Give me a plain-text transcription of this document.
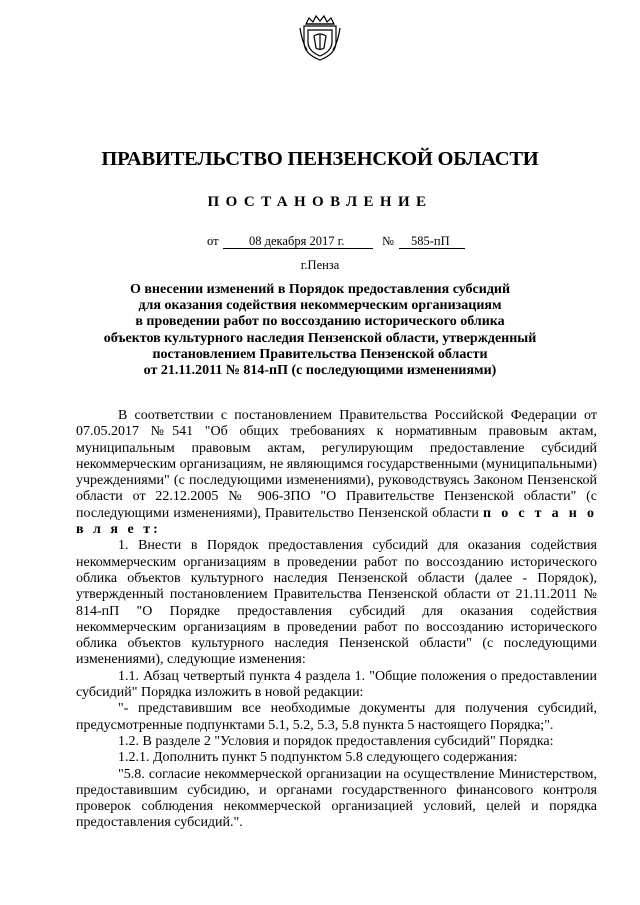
ПРАВИТЕЛЬСТВО ПЕНЗЕНСКОЙ ОБЛАСТИ
ПОСТАНОВЛЕНИЕ
от 08 декабря 2017 г.	№ 585-пП
г.Пенза
О внесении изменений в Порядок предоставления субсидий
для оказания содействия некоммерческим организациям
в проведении работ по воссозданию исторического облика
объектов культурного наследия Пензенской области, утвержденный
постановлением Правительства Пензенской области
от 21.11.2011 № 814-пП (с последующими изменениями)

В соответствии с постановлением Правительства Российской Федерации от 07.05.2017 №541 "Об общих требованиях к нормативным правовым актам, муниципальным правовым актам, регулирующим предоставление субсидий некоммерческим организациям, не являющимся государственными (муниципальными) учреждениями" (с последующими изменениями), руководствуясь Законом Пензенской области от 22.12.2005 № 906-ЗПО "О Правительстве Пензенской области" (с последующими изменениями), Правительство Пензенской области п о с т а н о в л я е т:

1. Внести в Порядок предоставления субсидий для оказания содействия некоммерческим организациям в проведении работ по воссозданию исторического облика объектов культурного наследия Пензенской области (далее - Порядок), утвержденный постановлением Правительства Пензенской области от 21.11.2011 № 814-пП "О Порядке предоставления субсидий для оказания содействия некоммерческим организациям в проведении работ по воссозданию исторического облика объектов культурного наследия Пензенской области" (с последующими изменениями), следующие изменения:

1.1. Абзац четвертый пункта 4 раздела 1. "Общие положения о предоставлении субсидий" Порядка изложить в новой редакции:

"- представившим все необходимые документы для получения субсидий, предусмотренные подпунктами 5.1, 5.2, 5.3, 5.8 пункта 5 настоящего Порядка;".

1.2. В разделе 2 "Условия и порядок предоставления субсидий" Порядка:

1.2.1. Дополнить пункт 5 подпунктом 5.8 следующего содержания:

"5.8. согласие некоммерческой организации на осуществление Министерством, предоставившим субсидию, и органами государственного финансового контроля проверок соблюдения некоммерческой организацией условий, целей и порядка предоставления субсидий.".
